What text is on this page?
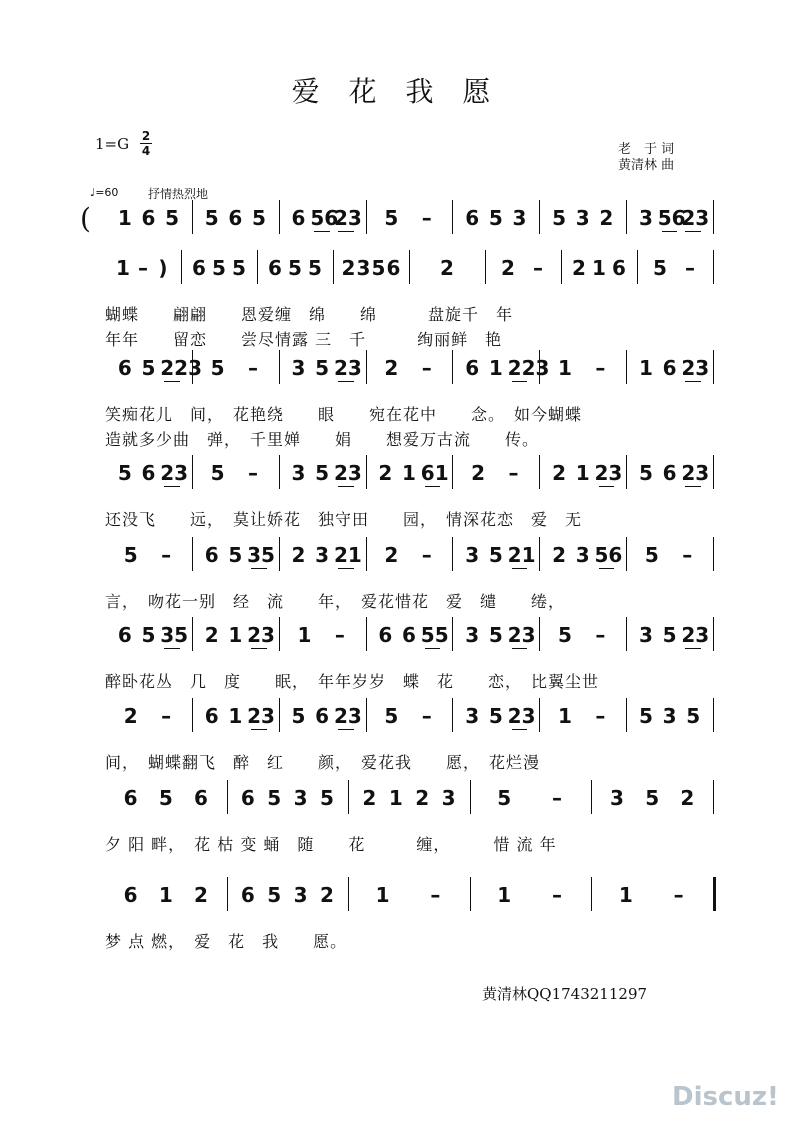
爱 花 我 愿
1=G 2
4	老　于 词
黄清林 曲
♩=60 抒情热烈地
( 1 6 5 5 6 5 6 56
23	5	–	6 5 3 5 3 2 3 56
23
1 – ) 6 5 5 6 5 5 2 3 5 6	2	2 –	2 1 6	5 –
蝴蝶　　翩翩　　恩爱缠　绵　　绵　　　盘旋千　年
年年　　留恋　　尝尽情露 三　千　　　绚丽鲜　艳
6 5 223 5	–	3 5 23	2	–	6 1 223 1	–	1 6 23
笑痴花儿　间，　花艳绕　　眼　　宛在花中　　念。　如今蝴蝶
造就多少曲　弹，　千里婵　　娟　　想爱万古流　　传。
5 6 23	5	–	3 5 23 2 1 61	2	–	2 1 23 5 6 23
还没飞　　远，　莫让娇花　独守田　　园，　情深花恋　爱　无
5	–	6 5 35 2 3 21	2	–	3 5 21 2 3 56	5	–
言，　吻花一别　经　流　　年，　爱花惜花　爱　缱　　绻，
6 5 35 2 1 23	1	–	6 6 55 3 5 23	5	–	3 5 23
醉卧花丛　几　度　　眠，　年年岁岁　蝶　花　　恋，　比翼尘世
2	–	6 1 23 5 6 23	5	–	3 5 23	1	–	5 3 5
间，　蝴蝶翻飞　醉　红　　颜，　爱花我　　愿，　花烂漫
6	5	6	6 5 3 5	2 1 2 3	5	–	3	5	2
夕 阳 畔，　花 枯 变 蛹　随　　花　　　缠，　　　惜 流 年
6	1	2	6 5 3 2	1	–	1	–	1	–
梦 点 燃，　爱　花　我　　愿。
黄清林QQ1743211297
Discuz!
